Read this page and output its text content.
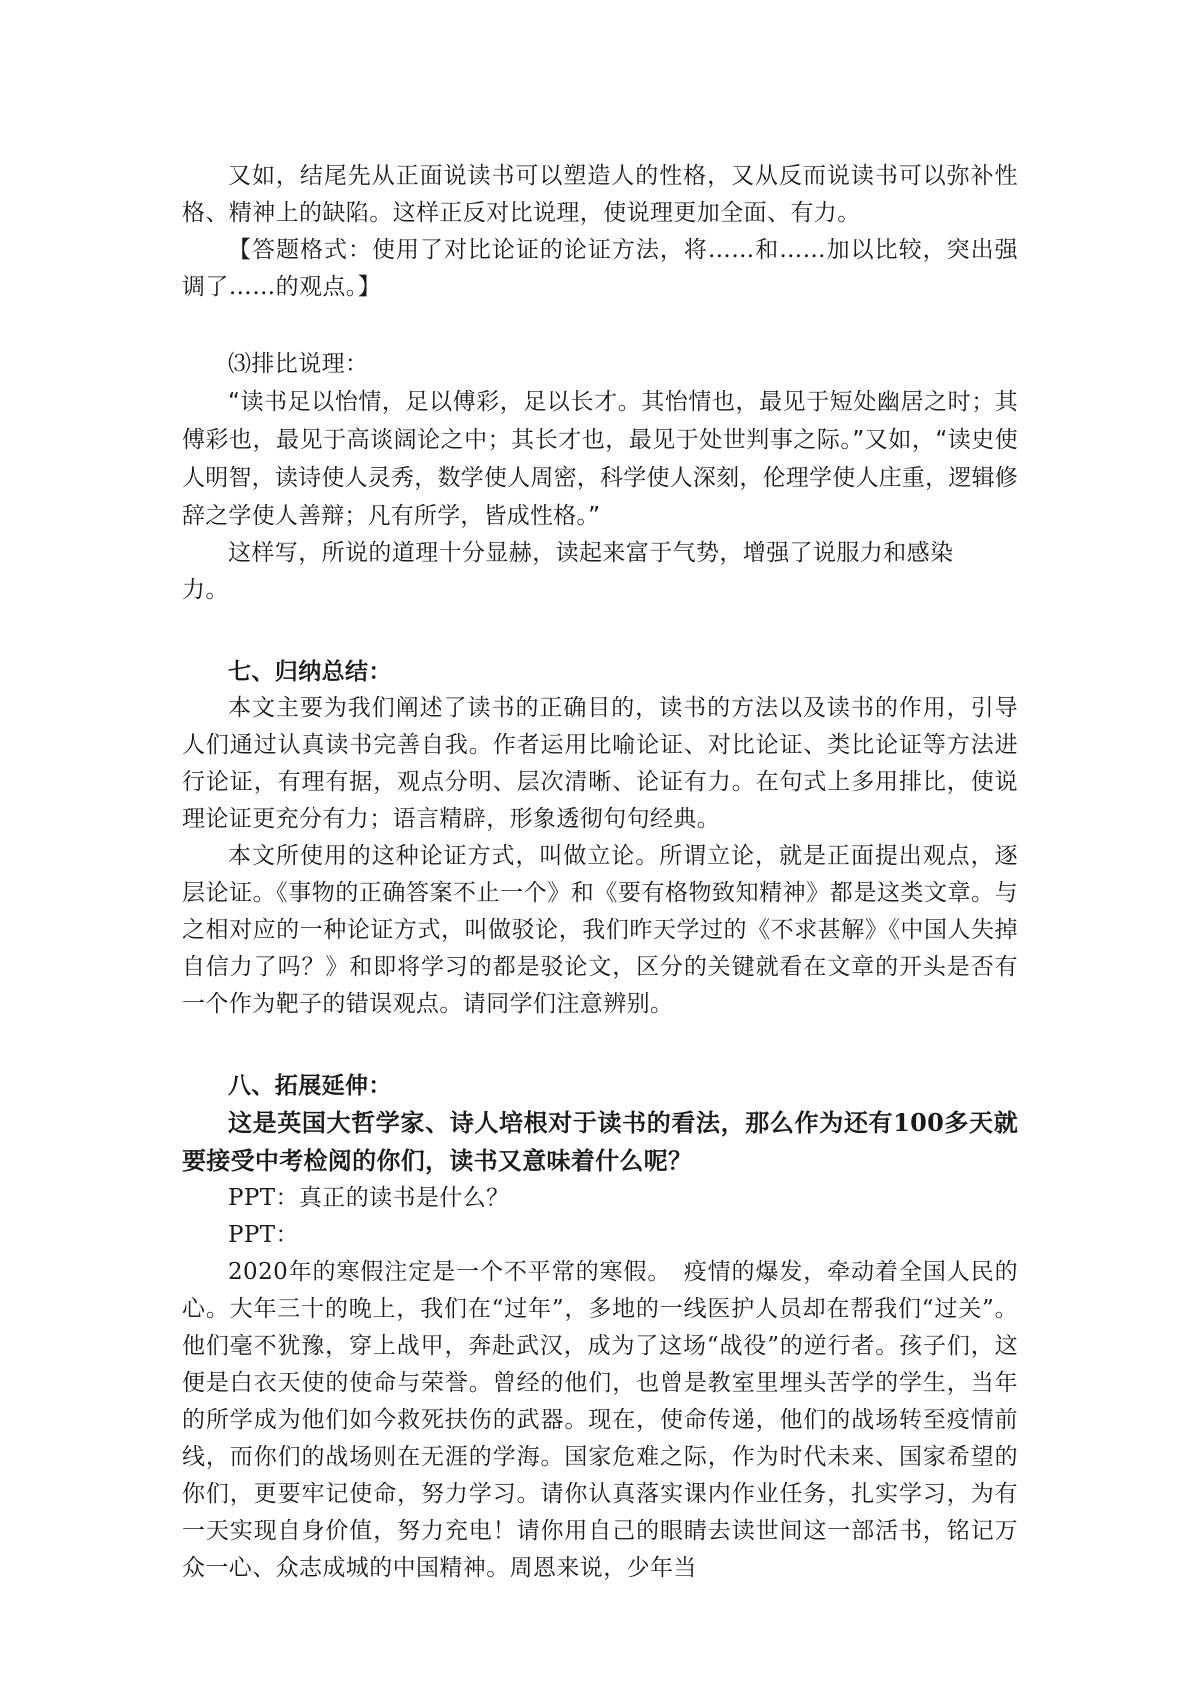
又如，结尾先从正面说读书可以塑造人的性格，又从反而说读书可以弥补性格、精神上的缺陷。这样正反对比说理，使说理更加全面、有力。

【答题格式：使用了对比论证的论证方法，将……和……加以比较，突出强调了……的观点。】

⑶排比说理：

“读书足以怡情，足以傅彩，足以长才。其怡情也，最见于短处幽居之时；其傅彩也，最见于高谈阔论之中；其长才也，最见于处世判事之际。”又如，“读史使人明智，读诗使人灵秀，数学使人周密，科学使人深刻，伦理学使人庄重，逻辑修辞之学使人善辩；凡有所学，皆成性格。”

这样写，所说的道理十分显赫，读起来富于气势，增强了说服力和感染

力。

七、归纳总结：

本文主要为我们阐述了读书的正确目的，读书的方法以及读书的作用，引导人们通过认真读书完善自我。作者运用比喻论证、对比论证、类比论证等方法进行论证，有理有据，观点分明、层次清晰、论证有力。在句式上多用排比，使说理论证更充分有力；语言精辟，形象透彻句句经典。

本文所使用的这种论证方式，叫做立论。所谓立论，就是正面提出观点，逐层论证。《事物的正确答案不止一个》和《要有格物致知精神》都是这类文章。与之相对应的一种论证方式，叫做驳论，我们昨天学过的《不求甚解》《中国人失掉自信力了吗？》和即将学习的都是驳论文，区分的关键就看在文章的开头是否有一个作为靶子的错误观点。请同学们注意辨别。

八、拓展延伸：

这是英国大哲学家、诗人培根对于读书的看法，那么作为还有100多天就要接受中考检阅的你们，读书又意味着什么呢？

PPT：真正的读书是什么？

PPT：

2020年的寒假注定是一个不平常的寒假。　疫情的爆发，牵动着全国人民的心。大年三十的晚上，我们在“过年”，多地的一线医护人员却在帮我们“过关”。他们毫不犹豫，穿上战甲，奔赴武汉，成为了这场“战役”的逆行者。孩子们，这便是白衣天使的使命与荣誉。曾经的他们，也曾是教室里埋头苦学的学生，当年的所学成为他们如今救死扶伤的武器。现在，使命传递，他们的战场转至疫情前线，而你们的战场则在无涯的学海。国家危难之际，作为时代未来、国家希望的你们，更要牢记使命，努力学习。请你认真落实课内作业任务，扎实学习，为有一天实现自身价值，努力充电！请你用自己的眼睛去读世间这一部活书，铭记万众一心、众志成城的中国精神。周恩来说，少年当
